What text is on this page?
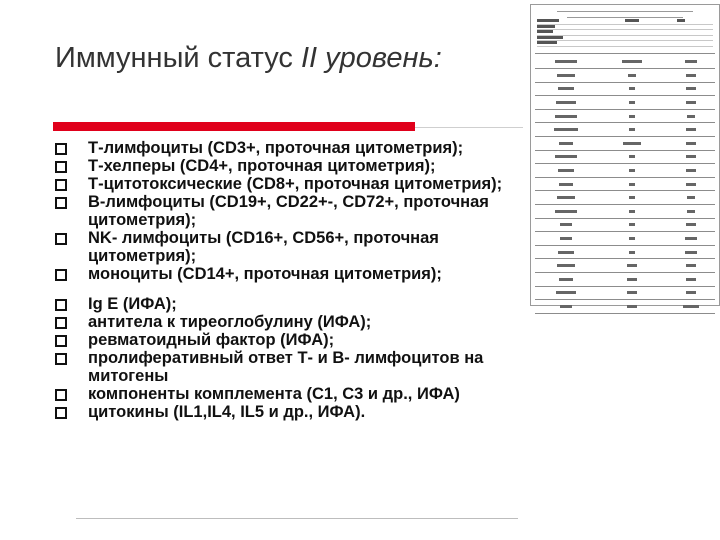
Иммунный статус II уровень:
Т-лимфоциты (CD3+, проточная цитометрия);
Т-хелперы (CD4+, проточная цитометрия);
Т-цитотоксические (CD8+, проточная цитометрия);
В-лимфоциты (CD19+, CD22+-, CD72+, проточная цитометрия);
NK- лимфоциты (CD16+, CD56+, проточная цитометрия);
моноциты (CD14+, проточная цитометрия);
Ig E (ИФА);
антитела к тиреоглобулину (ИФА);
ревматоидный фактор (ИФА);
пролиферативный ответ Т- и В- лимфоцитов на митогены
компоненты комплемента (C1, C3 и др., ИФА)
цитокины (IL1,IL4, IL5 и др., ИФА).
